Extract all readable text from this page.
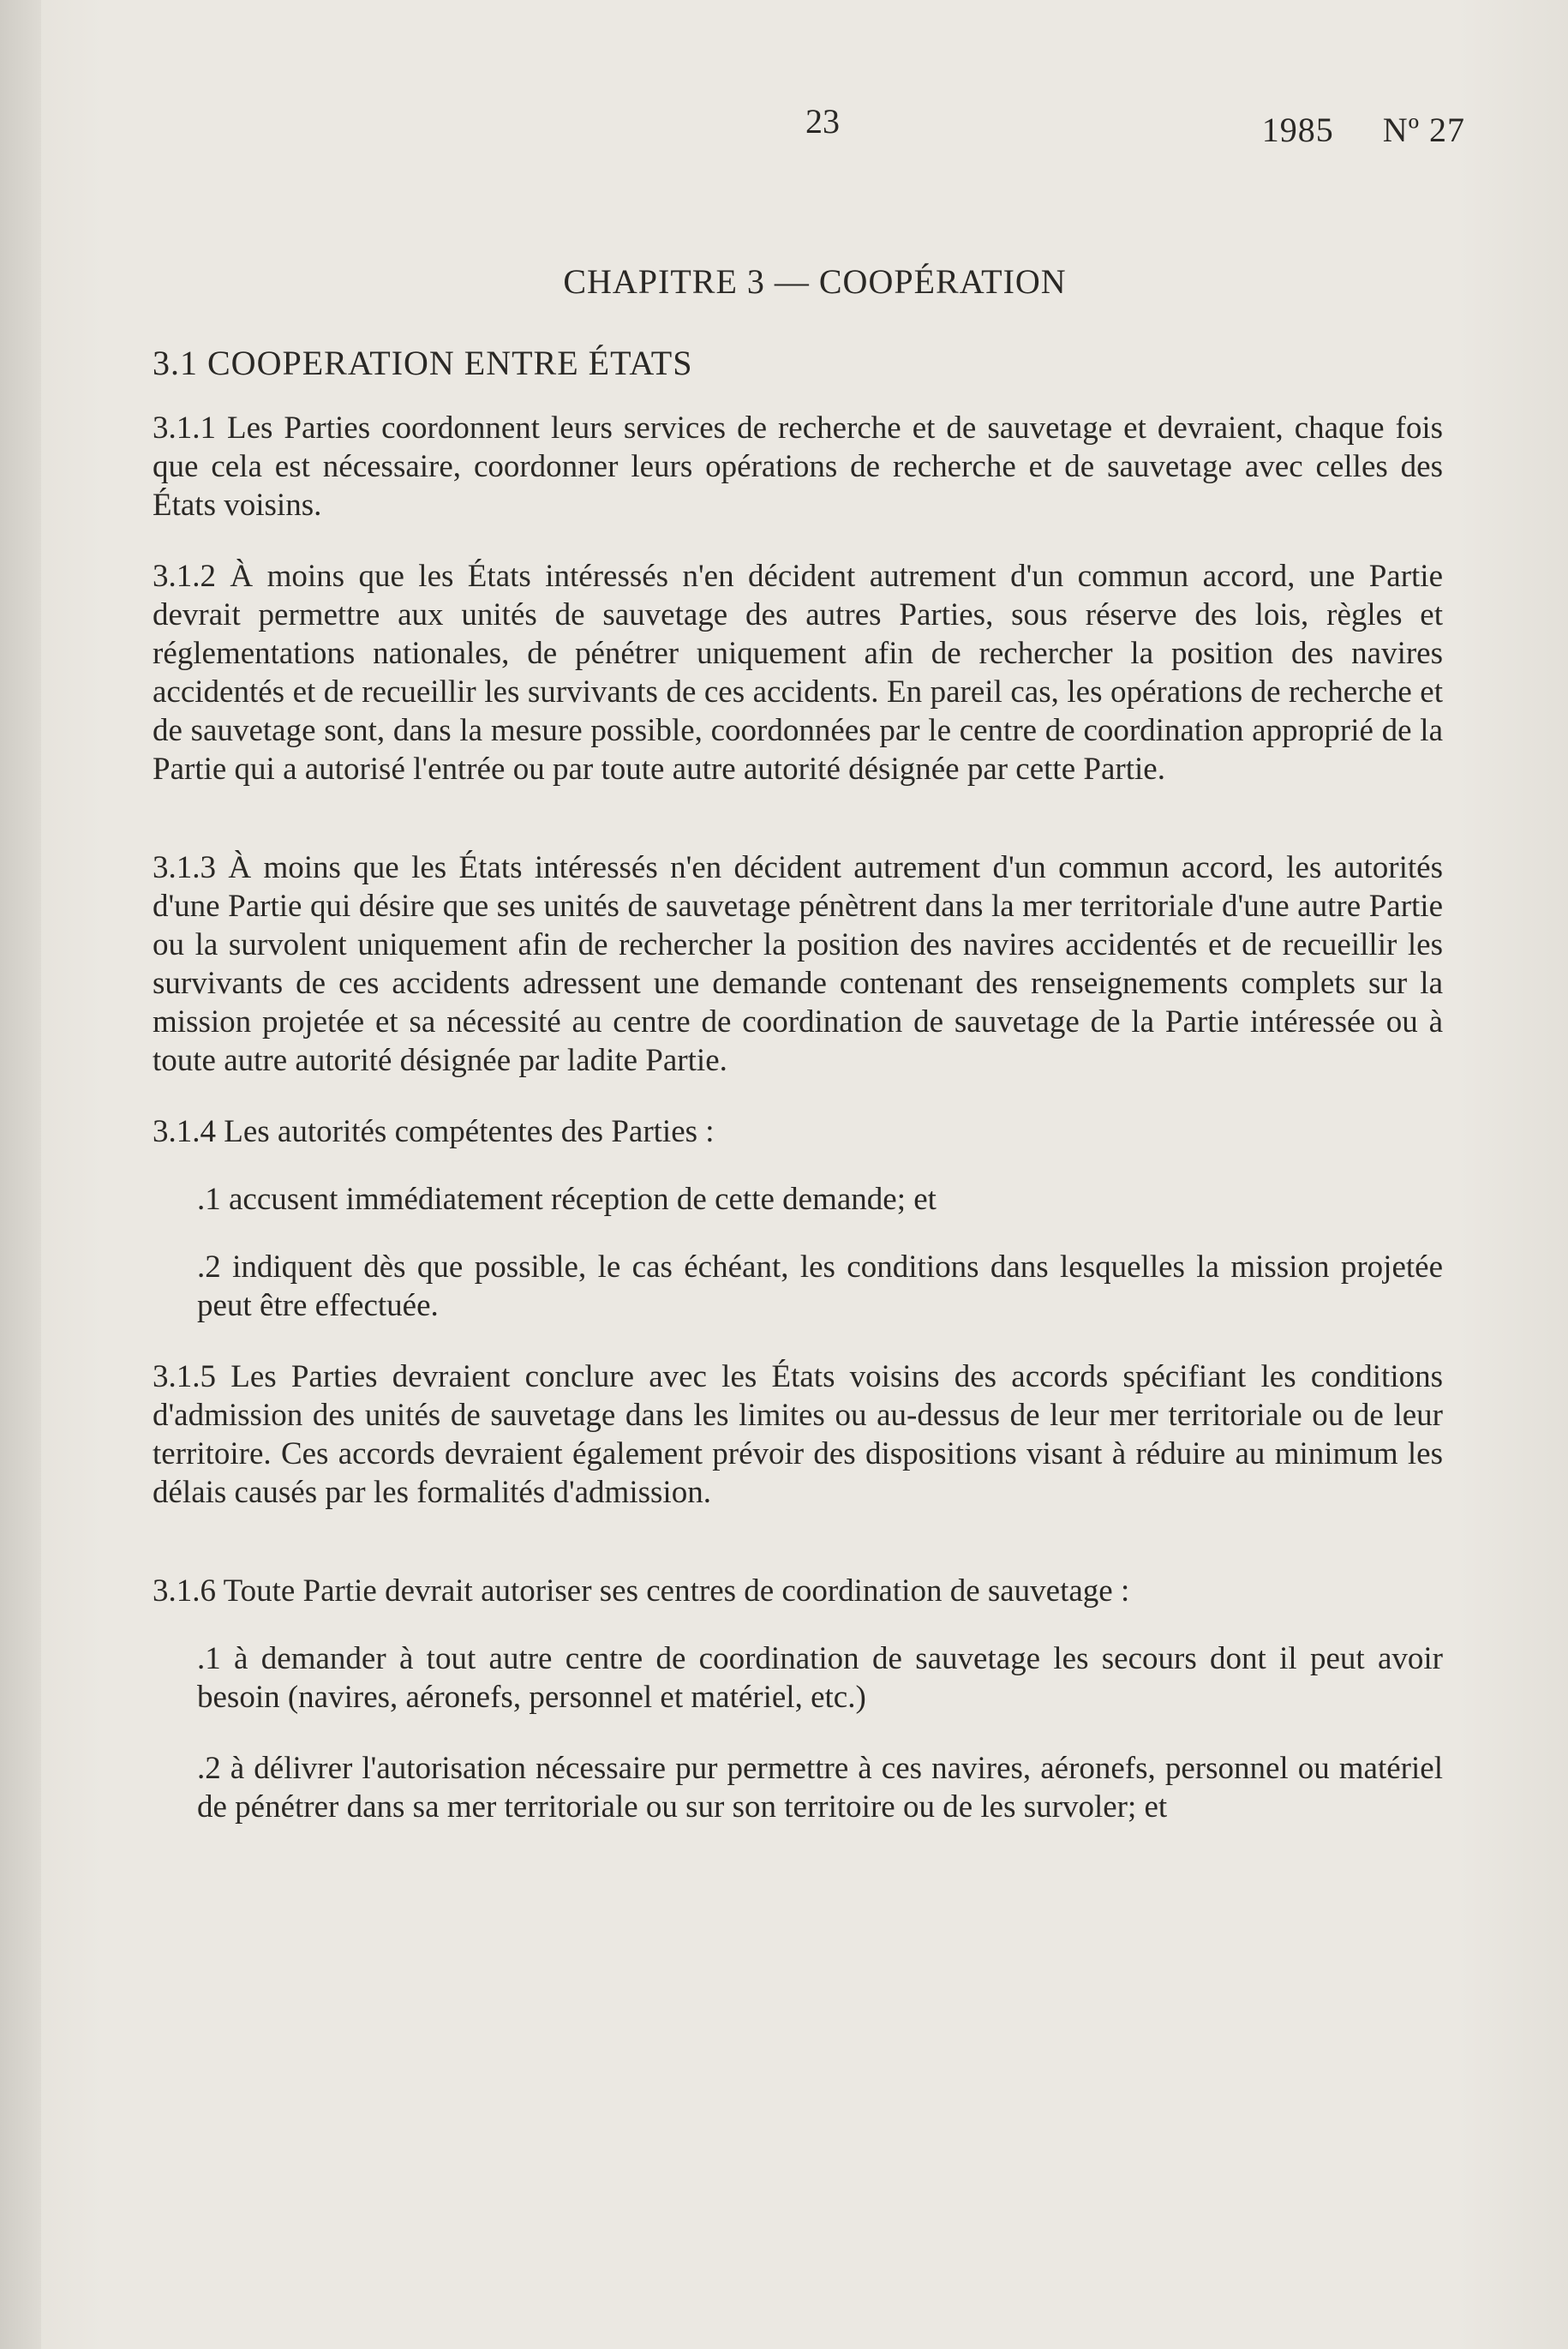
23	1985 Nº 27
CHAPITRE 3 — COOPÉRATION
3.1 COOPERATION ENTRE ÉTATS

3.1.1 Les Parties coordonnent leurs services de recherche et de sauvetage et devraient, chaque fois que cela est nécessaire, coordonner leurs opérations de recherche et de sauvetage avec celles des États voisins.

3.1.2 À moins que les États intéressés n'en décident autrement d'un commun accord, une Partie devrait permettre aux unités de sauvetage des autres Parties, sous réserve des lois, règles et réglementations nationales, de pénétrer uniquement afin de rechercher la position des navires accidentés et de recueillir les survivants de ces accidents. En pareil cas, les opérations de recherche et de sauvetage sont, dans la mesure possible, coordonnées par le centre de coordination approprié de la Partie qui a autorisé l'entrée ou par toute autre autorité désignée par cette Partie.

3.1.3 À moins que les États intéressés n'en décident autrement d'un commun accord, les autorités d'une Partie qui désire que ses unités de sauvetage pénètrent dans la mer territoriale d'une autre Partie ou la survolent uniquement afin de rechercher la position des navires accidentés et de recueillir les survivants de ces accidents adressent une demande contenant des renseignements complets sur la mission projetée et sa nécessité au centre de coordination de sauvetage de la Partie intéressée ou à toute autre autorité désignée par ladite Partie.

3.1.4 Les autorités compétentes des Parties :

.1 accusent immédiatement réception de cette demande; et

.2 indiquent dès que possible, le cas échéant, les conditions dans lesquelles la mission projetée peut être effectuée.

3.1.5 Les Parties devraient conclure avec les États voisins des accords spécifiant les conditions d'admission des unités de sauvetage dans les limites ou au-dessus de leur mer territoriale ou de leur territoire. Ces accords devraient également prévoir des dispositions visant à réduire au minimum les délais causés par les formalités d'admission.

3.1.6 Toute Partie devrait autoriser ses centres de coordination de sauvetage :

.1 à demander à tout autre centre de coordination de sauvetage les secours dont il peut avoir besoin (navires, aéronefs, personnel et matériel, etc.)

.2 à délivrer l'autorisation nécessaire pur permettre à ces navires, aéronefs, personnel ou matériel de pénétrer dans sa mer territoriale ou sur son territoire ou de les survoler; et
